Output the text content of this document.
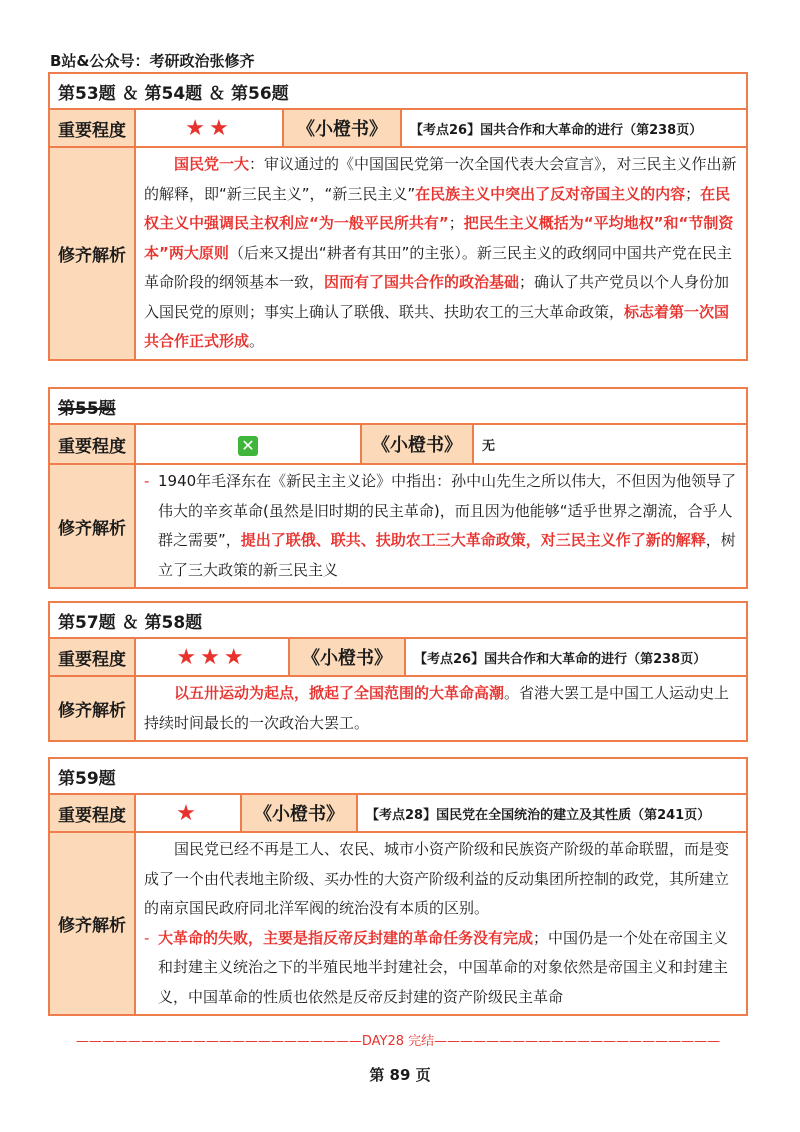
B站&公众号：考研政治张修齐
第53题 ＆ 第54题 ＆ 第56题			
重要程度	★★	《小橙书》	【考点26】国共合作和大革命的进行（第238页）
修齐解析	国民党一大：审议通过的《中国国民党第一次全国代表大会宣言》，对三民主义作出新的解释，即“新三民主义”，“新三民主义”在民族主义中突出了反对帝国主义的内容；在民权主义中强调民主权利应“为一般平民所共有”；把民生主义概括为“平均地权”和“节制资本”两大原则（后来又提出“耕者有其田”的主张）。新三民主义的政纲同中国共产党在民主革命阶段的纲领基本一致，因而有了国共合作的政治基础；确认了共产党员以个人身份加入国民党的原则；事实上确认了联俄、联共、扶助农工的三大革命政策，标志着第一次国共合作正式形成。		
第55题			
重要程度	✕	《小橙书》	无
修齐解析	- 1940年毛泽东在《新民主主义论》中指出：孙中山先生之所以伟大，不但因为他领导了伟大的辛亥革命(虽然是旧时期的民主革命)，而且因为他能够“适乎世界之潮流，合乎人群之需要”，提出了联俄、联共、扶助农工三大革命政策，对三民主义作了新的解释，树立了三大政策的新三民主义		
第57题 ＆ 第58题			
重要程度	★★★	《小橙书》	【考点26】国共合作和大革命的进行（第238页）
修齐解析	以五卅运动为起点，掀起了全国范围的大革命高潮。省港大罢工是中国工人运动史上持续时间最长的一次政治大罢工。		
第59题			
重要程度	★	《小橙书》	【考点28】国民党在全国统治的建立及其性质（第241页）
修齐解析	国民党已经不再是工人、农民、城市小资产阶级和民族资产阶级的革命联盟，而是变成了一个由代表地主阶级、买办性的大资产阶级利益的反动集团所控制的政党，其所建立的南京国民政府同北洋军阀的统治没有本质的区别。
- 大革命的失败，主要是指反帝反封建的革命任务没有完成；中国仍是一个处在帝国主义和封建主义统治之下的半殖民地半封建社会，中国革命的对象依然是帝国主义和封建主义，中国革命的性质也依然是反帝反封建的资产阶级民主革命		
——————————————————————DAY28 完结——————————————————————
第 89 页
